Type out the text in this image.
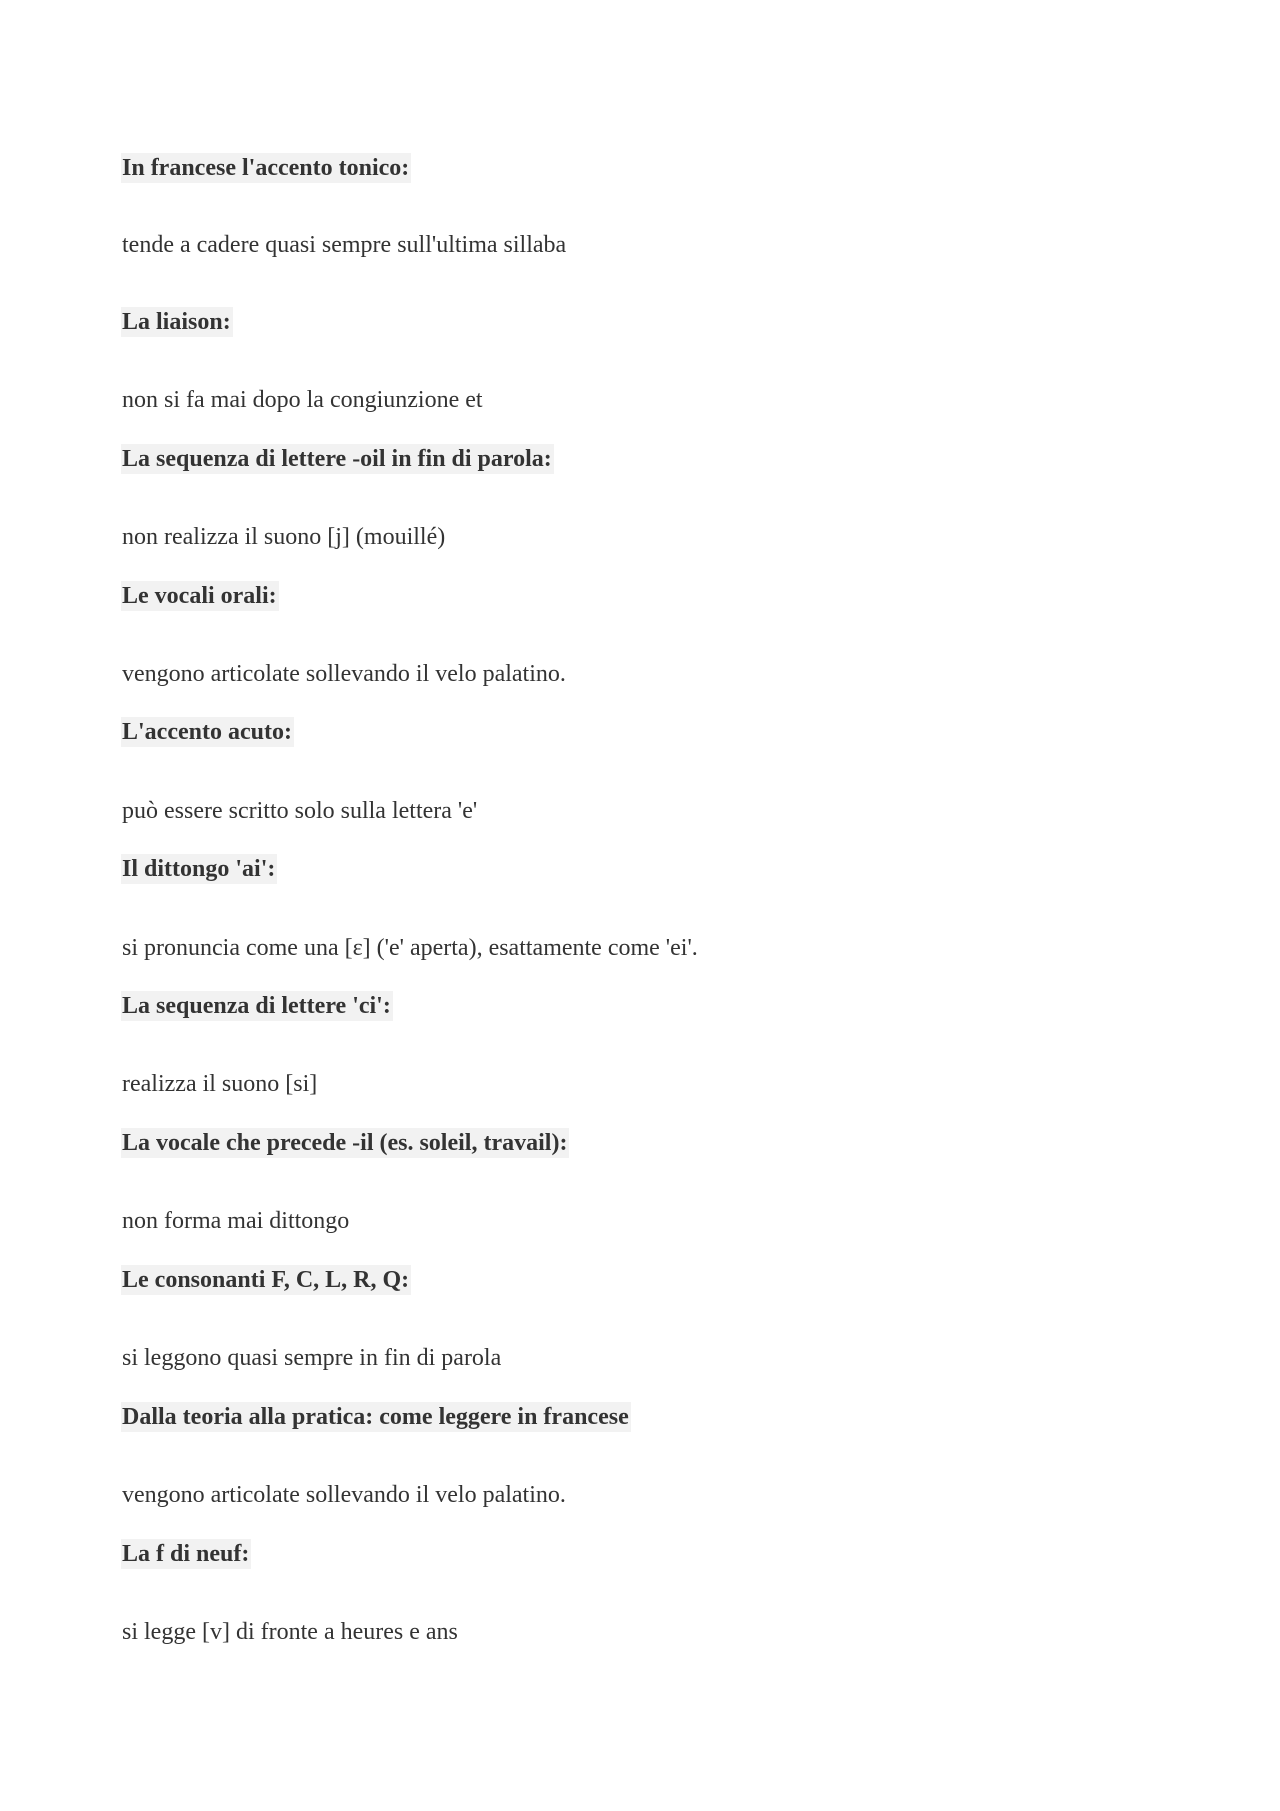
In francese l'accento tonico:
tende a cadere quasi sempre sull'ultima sillaba
La liaison:
non si fa mai dopo la congiunzione et
La sequenza di lettere -oil in fin di parola:
non realizza il suono [j] (mouillé)
Le vocali orali:
vengono articolate sollevando il velo palatino.
L'accento acuto:
può essere scritto solo sulla lettera 'e'
Il dittongo 'ai':
si pronuncia come una [ɛ] ('e' aperta), esattamente come 'ei'.
La sequenza di lettere 'ci':
realizza il suono [si]
La vocale che precede -il (es. soleil, travail):
non forma mai dittongo
Le consonanti F, C, L, R, Q:
si leggono quasi sempre in fin di parola
Dalla teoria alla pratica: come leggere in francese
vengono articolate sollevando il velo palatino.
La f di neuf:
si legge [v] di fronte a heures e ans
